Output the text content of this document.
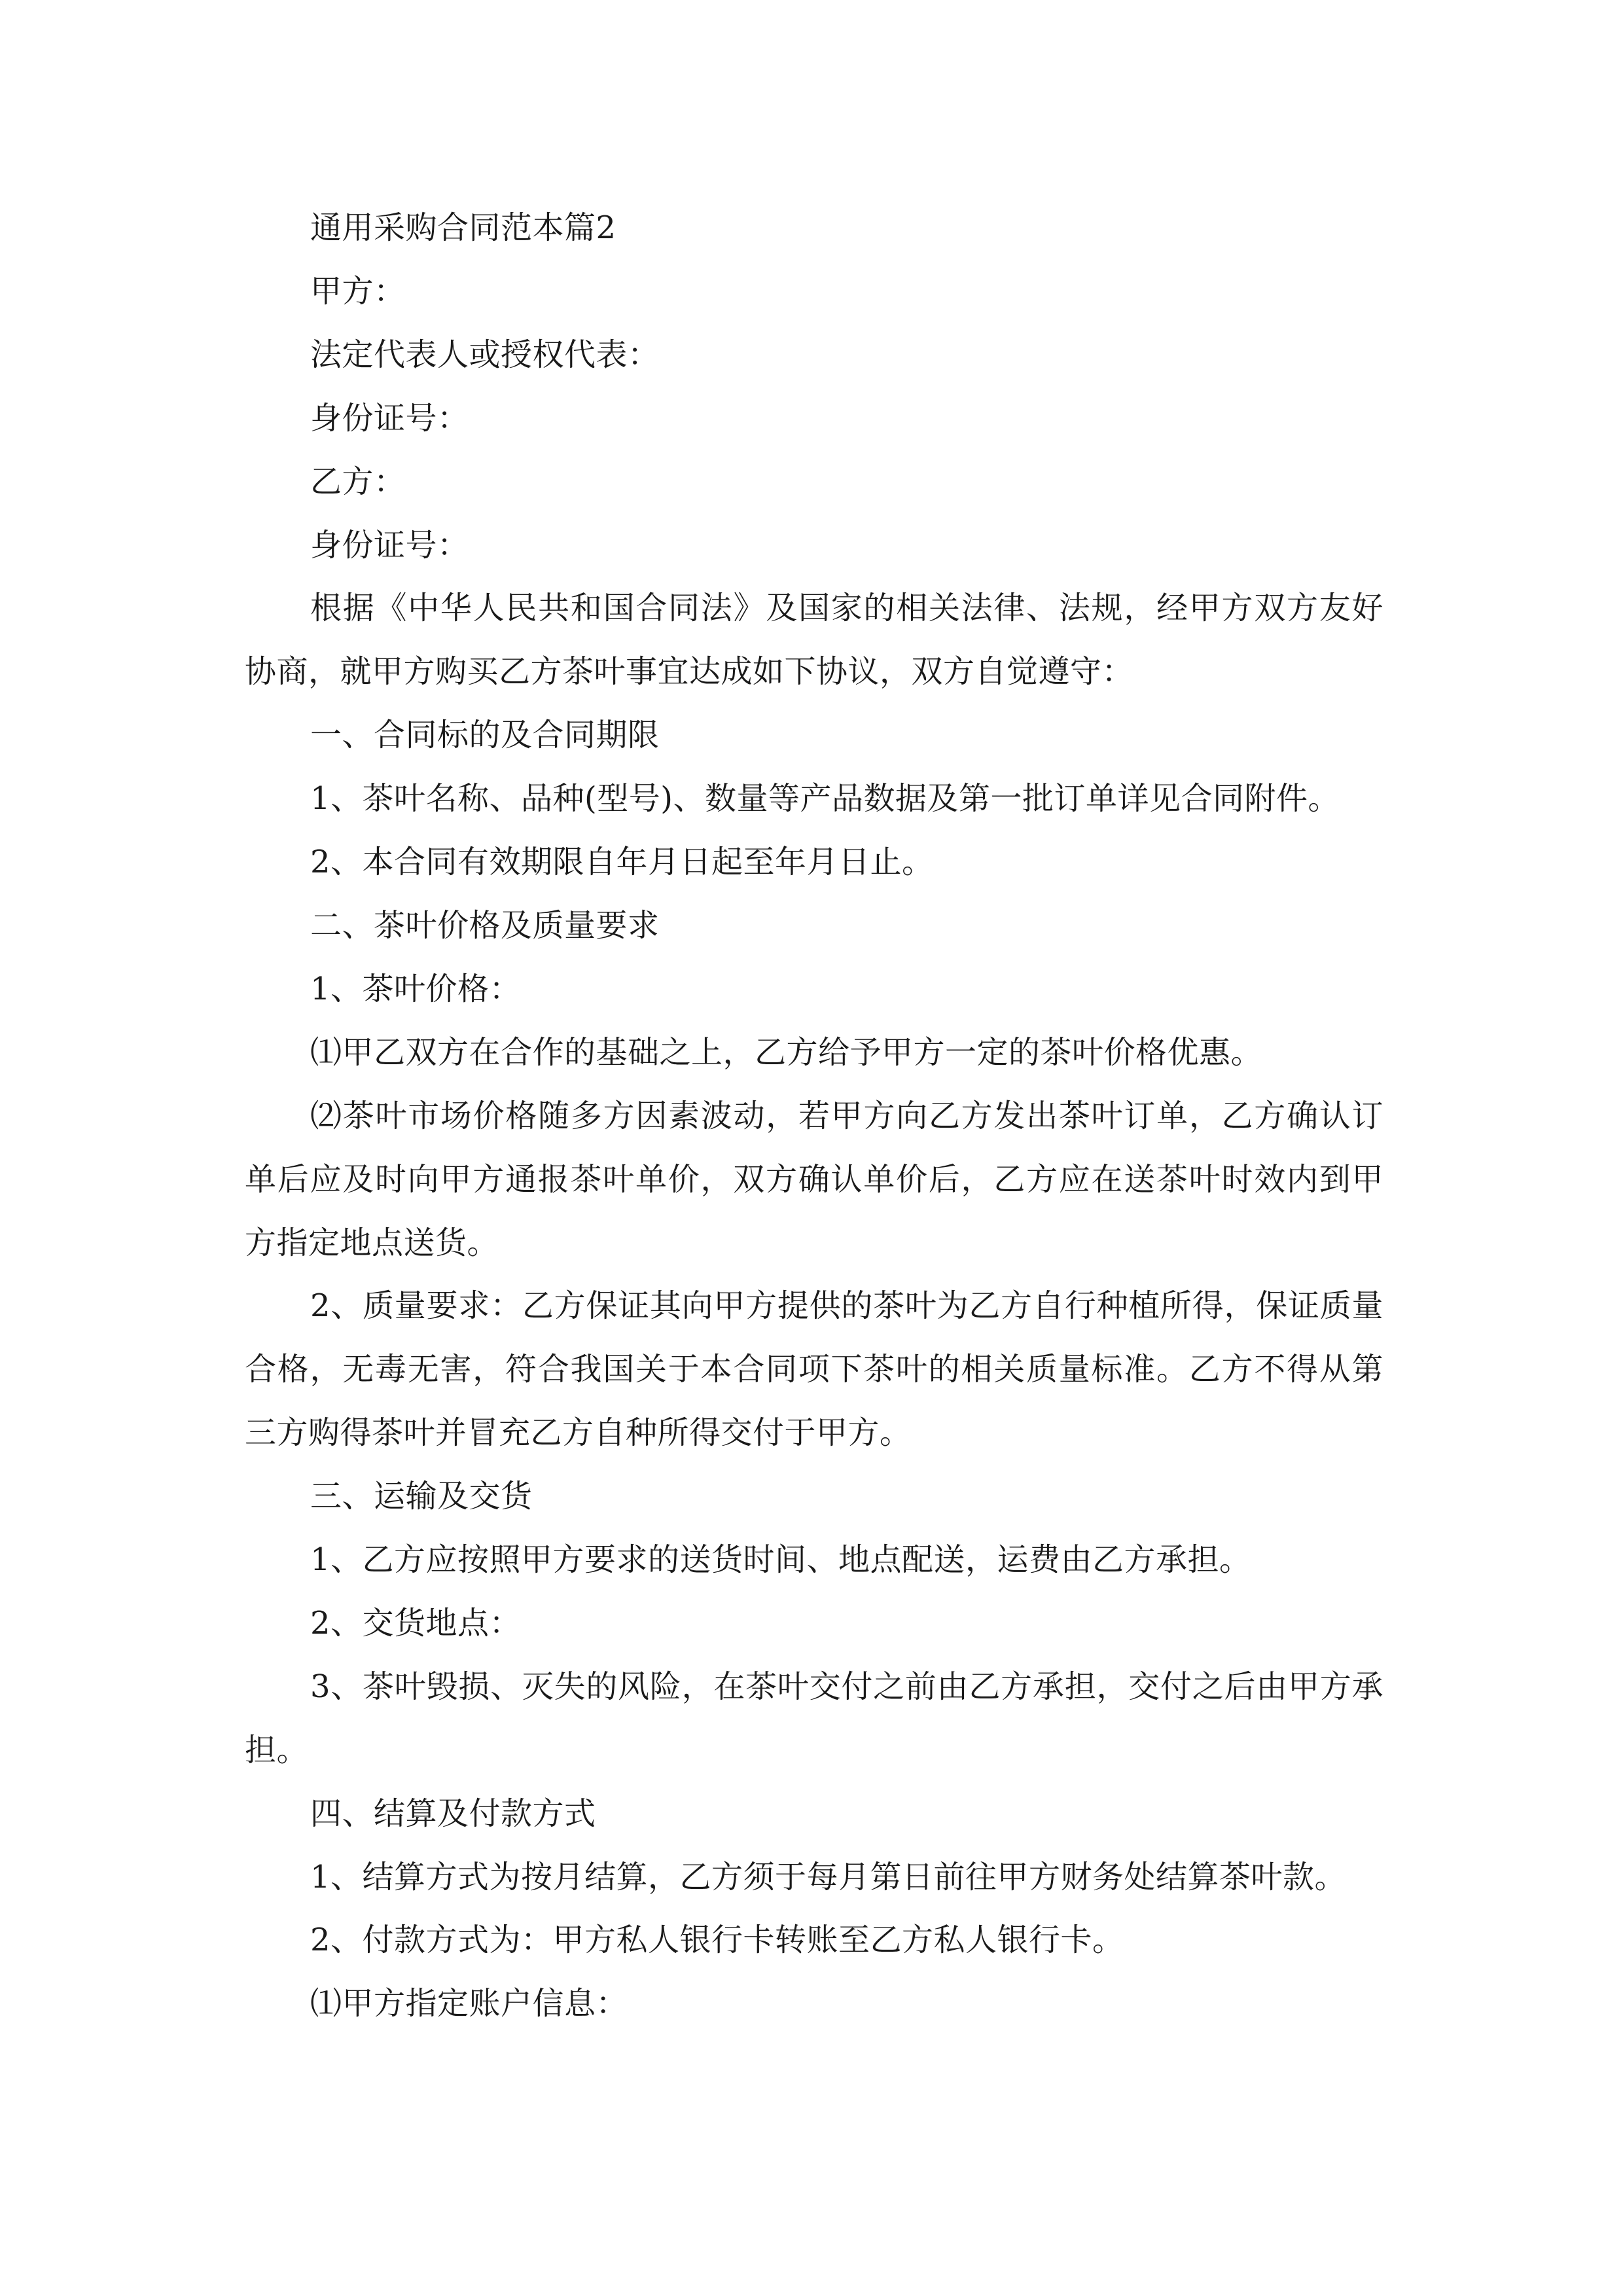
通用采购合同范本篇2

甲方：

法定代表人或授权代表：

身份证号：

乙方：

身份证号：

根据《中华人民共和国合同法》及国家的相关法律、法规，经甲方双方友好协商，就甲方购买乙方茶叶事宜达成如下协议，双方自觉遵守：

一、合同标的及合同期限

1、茶叶名称、品种(型号)、数量等产品数据及第一批订单详见合同附件。

2、本合同有效期限自年月日起至年月日止。

二、茶叶价格及质量要求

1、茶叶价格：

⑴甲乙双方在合作的基础之上，乙方给予甲方一定的茶叶价格优惠。

⑵茶叶市场价格随多方因素波动，若甲方向乙方发出茶叶订单，乙方确认订单后应及时向甲方通报茶叶单价，双方确认单价后，乙方应在送茶叶时效内到甲方指定地点送货。

2、质量要求：乙方保证其向甲方提供的茶叶为乙方自行种植所得，保证质量合格，无毒无害，符合我国关于本合同项下茶叶的相关质量标准。乙方不得从第三方购得茶叶并冒充乙方自种所得交付于甲方。

三、运输及交货

1、乙方应按照甲方要求的送货时间、地点配送，运费由乙方承担。

2、交货地点：

3、茶叶毁损、灭失的风险，在茶叶交付之前由乙方承担，交付之后由甲方承担。

四、结算及付款方式

1、结算方式为按月结算，乙方须于每月第日前往甲方财务处结算茶叶款。

2、付款方式为：甲方私人银行卡转账至乙方私人银行卡。

⑴甲方指定账户信息：
